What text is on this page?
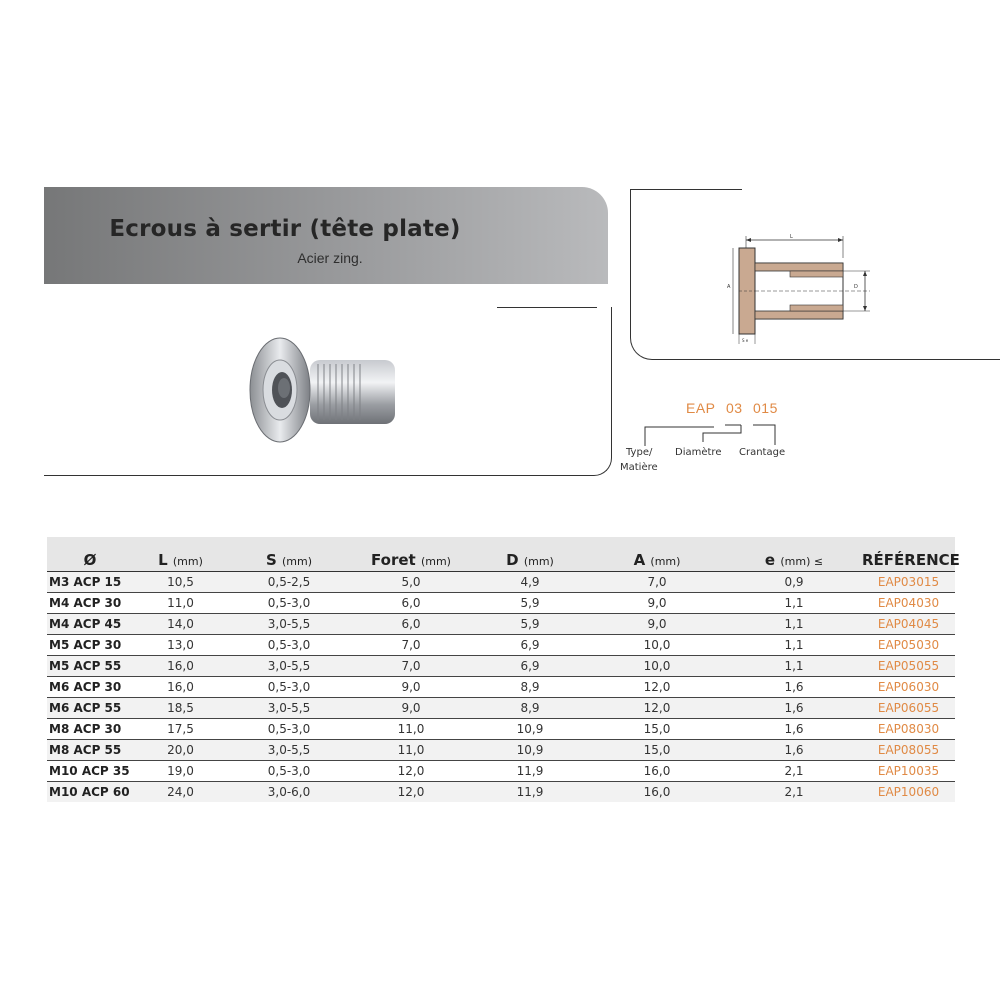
Ecrous à sertir (tête plate)
Acier zing.
L
A	D
S e
EAP 03 015
Type/
Matière
Diamètre Crantage
Ø	L (mm)	S (mm)	Foret (mm)	D (mm)	A (mm)	e (mm) ≤	RÉFÉRENCE
M3 ACP 15	10,5	0,5-2,5	5,0	4,9	7,0	0,9	EAP03015
M4 ACP 30	11,0	0,5-3,0	6,0	5,9	9,0	1,1	EAP04030
M4 ACP 45	14,0	3,0-5,5	6,0	5,9	9,0	1,1	EAP04045
M5 ACP 30	13,0	0,5-3,0	7,0	6,9	10,0	1,1	EAP05030
M5 ACP 55	16,0	3,0-5,5	7,0	6,9	10,0	1,1	EAP05055
M6 ACP 30	16,0	0,5-3,0	9,0	8,9	12,0	1,6	EAP06030
M6 ACP 55	18,5	3,0-5,5	9,0	8,9	12,0	1,6	EAP06055
M8 ACP 30	17,5	0,5-3,0	11,0	10,9	15,0	1,6	EAP08030
M8 ACP 55	20,0	3,0-5,5	11,0	10,9	15,0	1,6	EAP08055
M10 ACP 35	19,0	0,5-3,0	12,0	11,9	16,0	2,1	EAP10035
M10 ACP 60	24,0	3,0-6,0	12,0	11,9	16,0	2,1	EAP10060
